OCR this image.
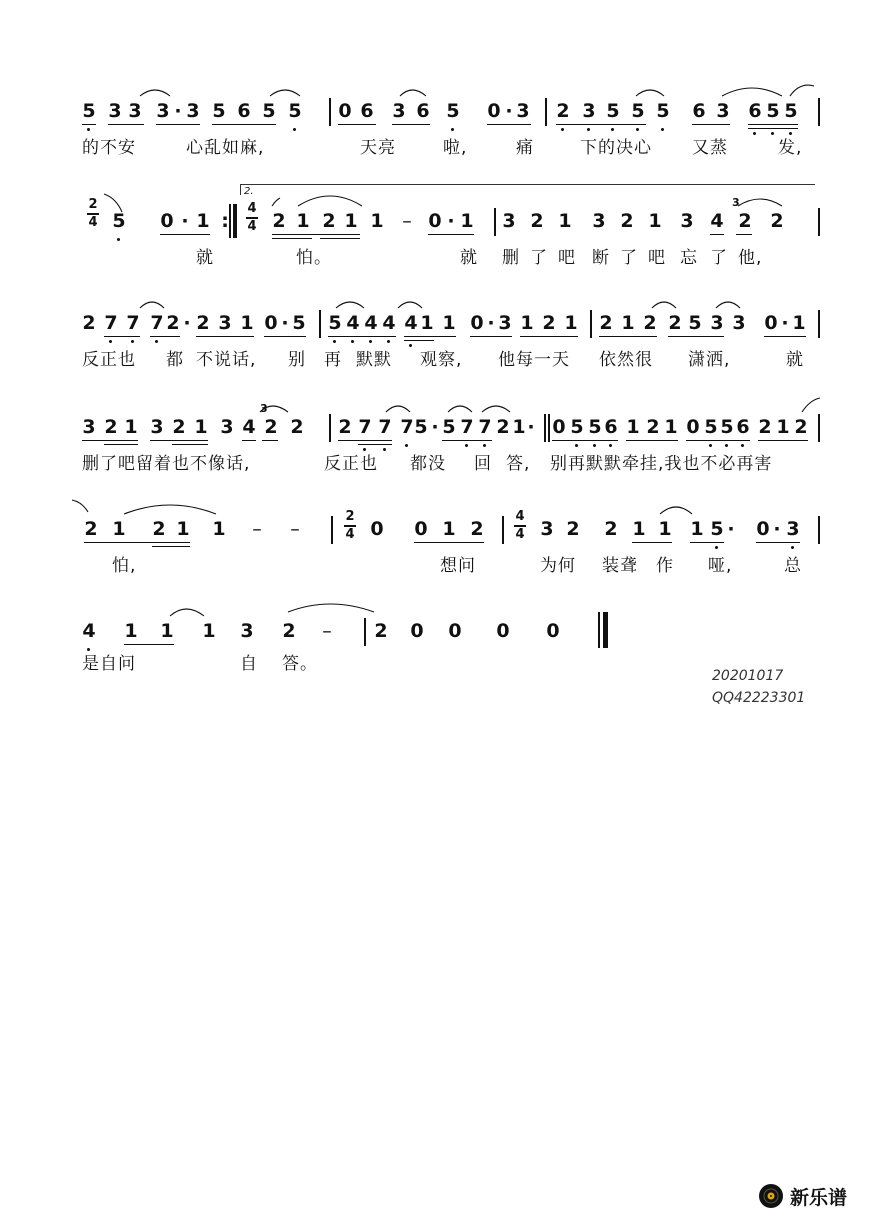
5 3 3 3 · 3 5 6 5 5 0 6 3 6 5 0 · 3 2 3 5 5 5 6 3 6 5 5
的不安	心乱如麻,	天亮	啦,	痛	下的决心 又蒸	发,
2
4 5 0 · 1 :
4
4 2 1 2 1 1 – 0 · 1 3 2 1 3 2 1 3 4
3
2 2
就	怕。	就 删 了 吧 断 了 吧 忘 了 他,
2.
2 7 7 7 2 · 2 3 1 0 · 5 5 4 4 4 4 1 1 0 · 3 1 2 1 2 1 2 2 5 3 3 0 · 1
反正也 都 不说话, 别 再 默默 观察, 他每一天 依然很 潇洒,	就
3 2 1 3 2 1 3 4
3
2 2 2 7 7 7 5 · 5 7 7 2 1 · 0 5 5 6 1 2 1 0 5 5 6 2 1 2
删了吧留着也不像话,	反正也 都没 回 答, 别再默默牵挂,我也不必再害
2 1 2 1 1 – –
2
4 0 0 1 2
4
4 3 2 2 1 1 1 5 · 0 · 3
怕,	想问	为何 装聋 作 哑,	总
4 1 1 1 3 2 – 2 0 0 0 0
是自问	自 答。
20201017
QQ42223301
新乐谱
